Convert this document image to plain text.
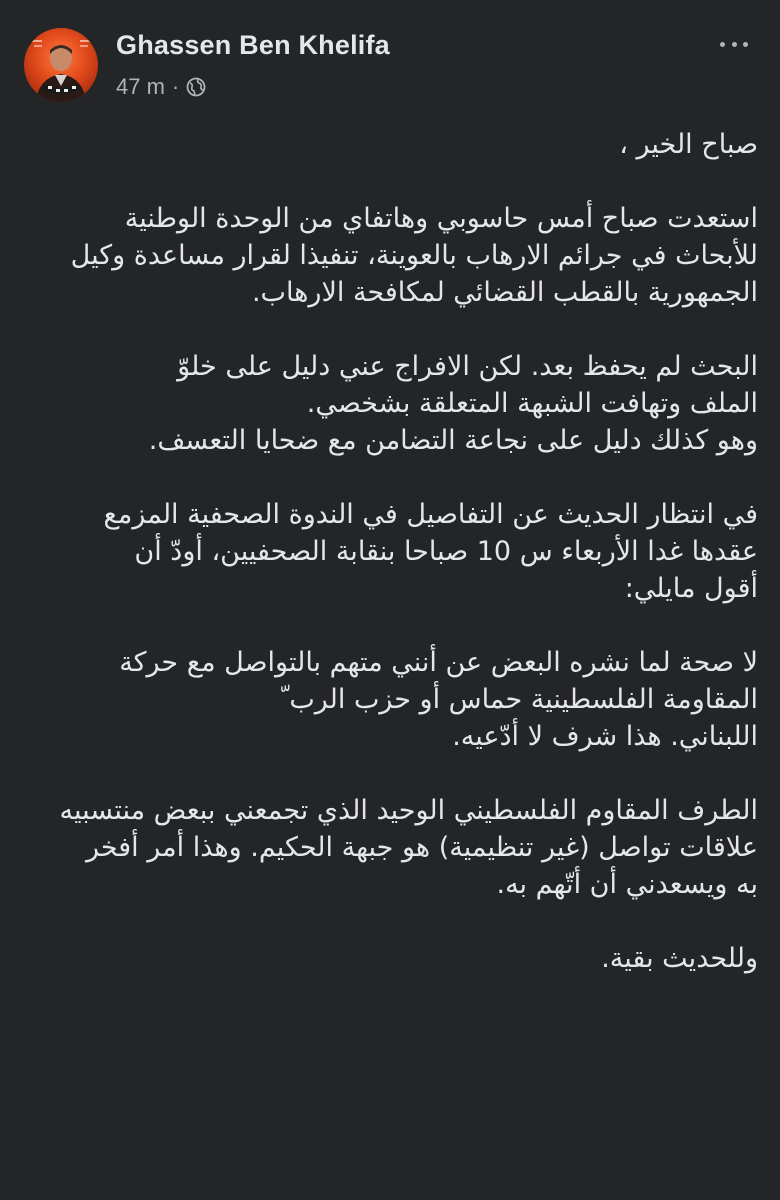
Ghassen Ben Khelifa
47 m ·

صباح الخير ،

استعدت صباح أمس حاسوبي وهاتفاي من الوحدة الوطنية
للأبحاث في جرائم الارهاب بالعوينة، تنفيذا لقرار مساعدة وكيل
الجمهورية بالقطب القضائي لمكافحة الارهاب.

البحث لم يحفظ بعد. لكن الافراج عني دليل على خلوّ
الملف وتهافت الشبهة المتعلقة بشخصي.
وهو كذلك دليل على نجاعة التضامن مع ضحايا التعسف.

في انتظار الحديث عن التفاصيل في الندوة الصحفية المزمع
عقدها غدا الأربعاء س 10 صباحا بنقابة الصحفيين، أودّ أن
أقول مايلي:

لا صحة لما نشره البعض عن أنني متهم بالتواصل مع حركة
المقاومة الفلسطينية حماس أو حزب الرب ّ
اللبناني. هذا شرف لا أدّعيه.

الطرف المقاوم الفلسطيني الوحيد الذي تجمعني ببعض منتسبيه
علاقات تواصل (غير تنظيمية) هو جبهة الحكيم. وهذا أمر أفخر
به ويسعدني أن أتّهم به.

وللحديث بقية.
